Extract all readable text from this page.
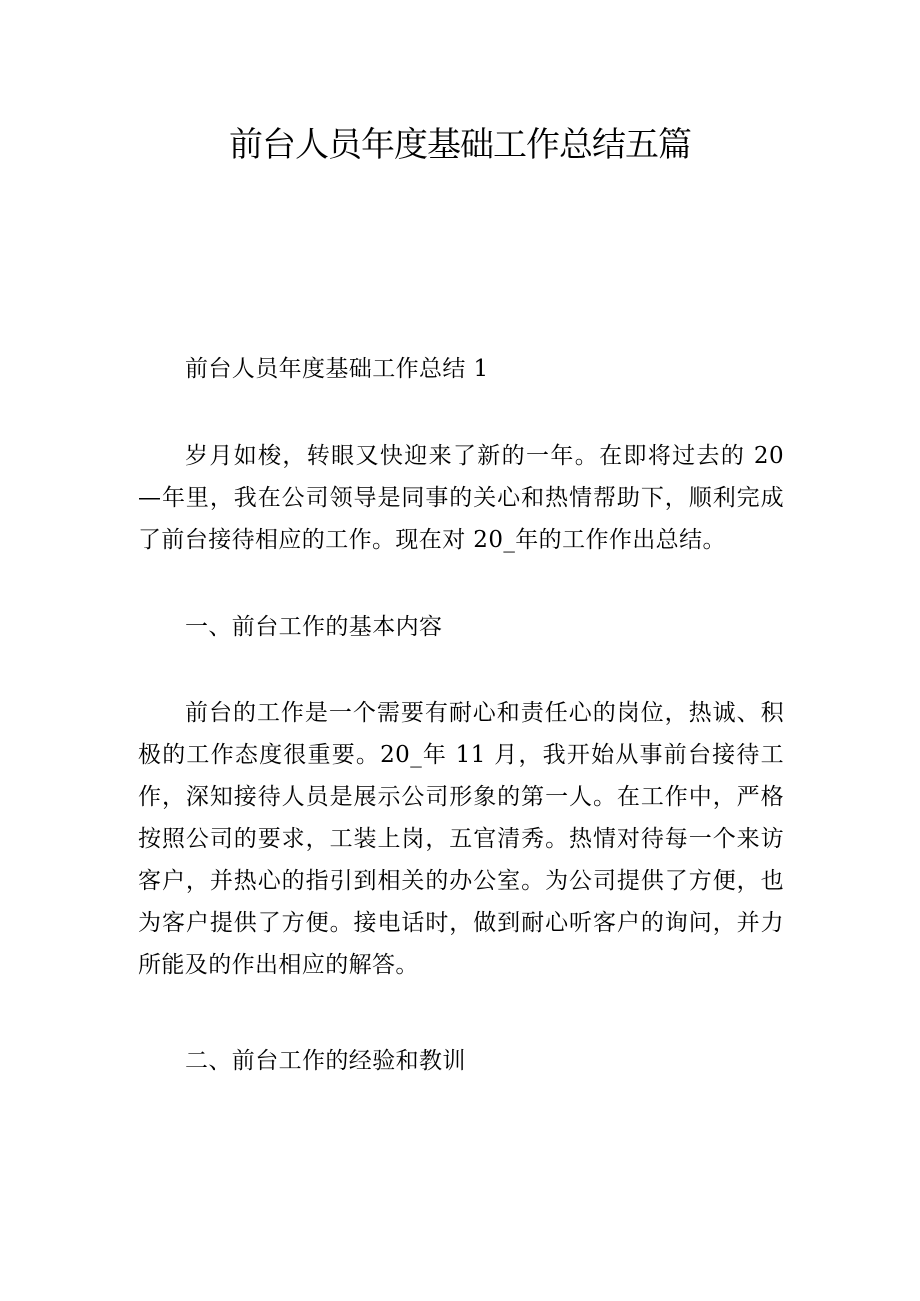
前台人员年度基础工作总结五篇

前台人员年度基础工作总结 1

岁月如梭，转眼又快迎来了新的一年。在即将过去的 20—年里，我在公司领导是同事的关心和热情帮助下，顺利完成了前台接待相应的工作。现在对 20_年的工作作出总结。

一、前台工作的基本内容

前台的工作是一个需要有耐心和责任心的岗位，热诚、积极的工作态度很重要。20_年 11 月，我开始从事前台接待工作，深知接待人员是展示公司形象的第一人。在工作中，严格按照公司的要求，工装上岗，五官清秀。热情对待每一个来访客户，并热心的指引到相关的办公室。为公司提供了方便，也为客户提供了方便。接电话时，做到耐心听客户的询问，并力所能及的作出相应的解答。

二、前台工作的经验和教训
